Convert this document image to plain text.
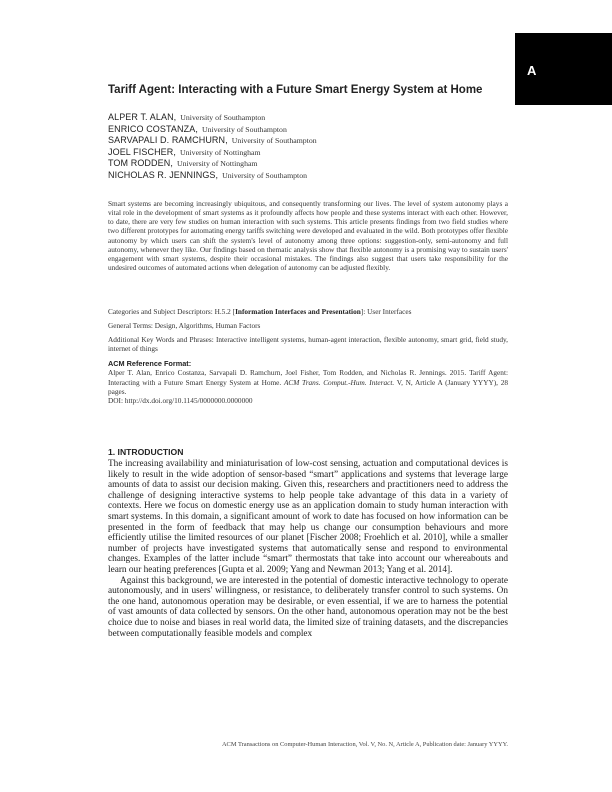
A
Tariff Agent: Interacting with a Future Smart Energy System at Home
ALPER T. ALAN, University of Southampton
ENRICO COSTANZA, University of Southampton
SARVAPALI D. RAMCHURN, University of Southampton
JOEL FISCHER, University of Nottingham
TOM RODDEN, University of Nottingham
NICHOLAS R. JENNINGS, University of Southampton
Smart systems are becoming increasingly ubiquitous, and consequently transforming our lives. The level of system autonomy plays a vital role in the development of smart systems as it profoundly affects how people and these systems interact with each other. However, to date, there are very few studies on human interaction with such systems. This article presents findings from two field studies where two different prototypes for automating energy tariffs switching were developed and evaluated in the wild. Both prototypes offer flexible autonomy by which users can shift the system's level of autonomy among three options: suggestion-only, semi-autonomy and full autonomy, whenever they like. Our findings based on thematic analysis show that flexible autonomy is a promising way to sustain users' engagement with smart systems, despite their occasional mistakes. The findings also suggest that users take responsibility for the undesired outcomes of automated actions when delegation of autonomy can be adjusted flexibly.
Categories and Subject Descriptors: H.5.2 [Information Interfaces and Presentation]: User Interfaces
General Terms: Design, Algorithms, Human Factors
Additional Key Words and Phrases: Interactive intelligent systems, human-agent interaction, flexible autonomy, smart grid, field study, internet of things
ACM Reference Format:
Alper T. Alan, Enrico Costanza, Sarvapali D. Ramchurn, Joel Fisher, Tom Rodden, and Nicholas R. Jennings. 2015. Tariff Agent: Interacting with a Future Smart Energy System at Home. ACM Trans. Comput.-Hum. Interact. V, N, Article A (January YYYY), 28 pages.
DOI: http://dx.doi.org/10.1145/0000000.0000000
1. INTRODUCTION

The increasing availability and miniaturisation of low-cost sensing, actuation and computational devices is likely to result in the wide adoption of sensor-based “smart” applications and systems that leverage large amounts of data to assist our decision making. Given this, researchers and practitioners need to address the challenge of designing interactive systems to help people take advantage of this data in a variety of contexts. Here we focus on domestic energy use as an application domain to study human interaction with smart systems. In this domain, a significant amount of work to date has focused on how information can be presented in the form of feedback that may help us change our consumption behaviours and more efficiently utilise the limited resources of our planet [Fischer 2008; Froehlich et al. 2010], while a smaller number of projects have investigated systems that automatically sense and respond to environmental changes. Examples of the latter include “smart” thermostats that take into account our whereabouts and learn our heating preferences [Gupta et al. 2009; Yang and Newman 2013; Yang et al. 2014].

Against this background, we are interested in the potential of domestic interactive technology to operate autonomously, and in users' willingness, or resistance, to deliberately transfer control to such systems. On the one hand, autonomous operation may be desirable, or even essential, if we are to harness the potential of vast amounts of data collected by sensors. On the other hand, autonomous operation may not be the best choice due to noise and biases in real world data, the limited size of training datasets, and the discrepancies between computationally feasible models and complex

ACM Transactions on Computer-Human Interaction, Vol. V, No. N, Article A, Publication date: January YYYY.
